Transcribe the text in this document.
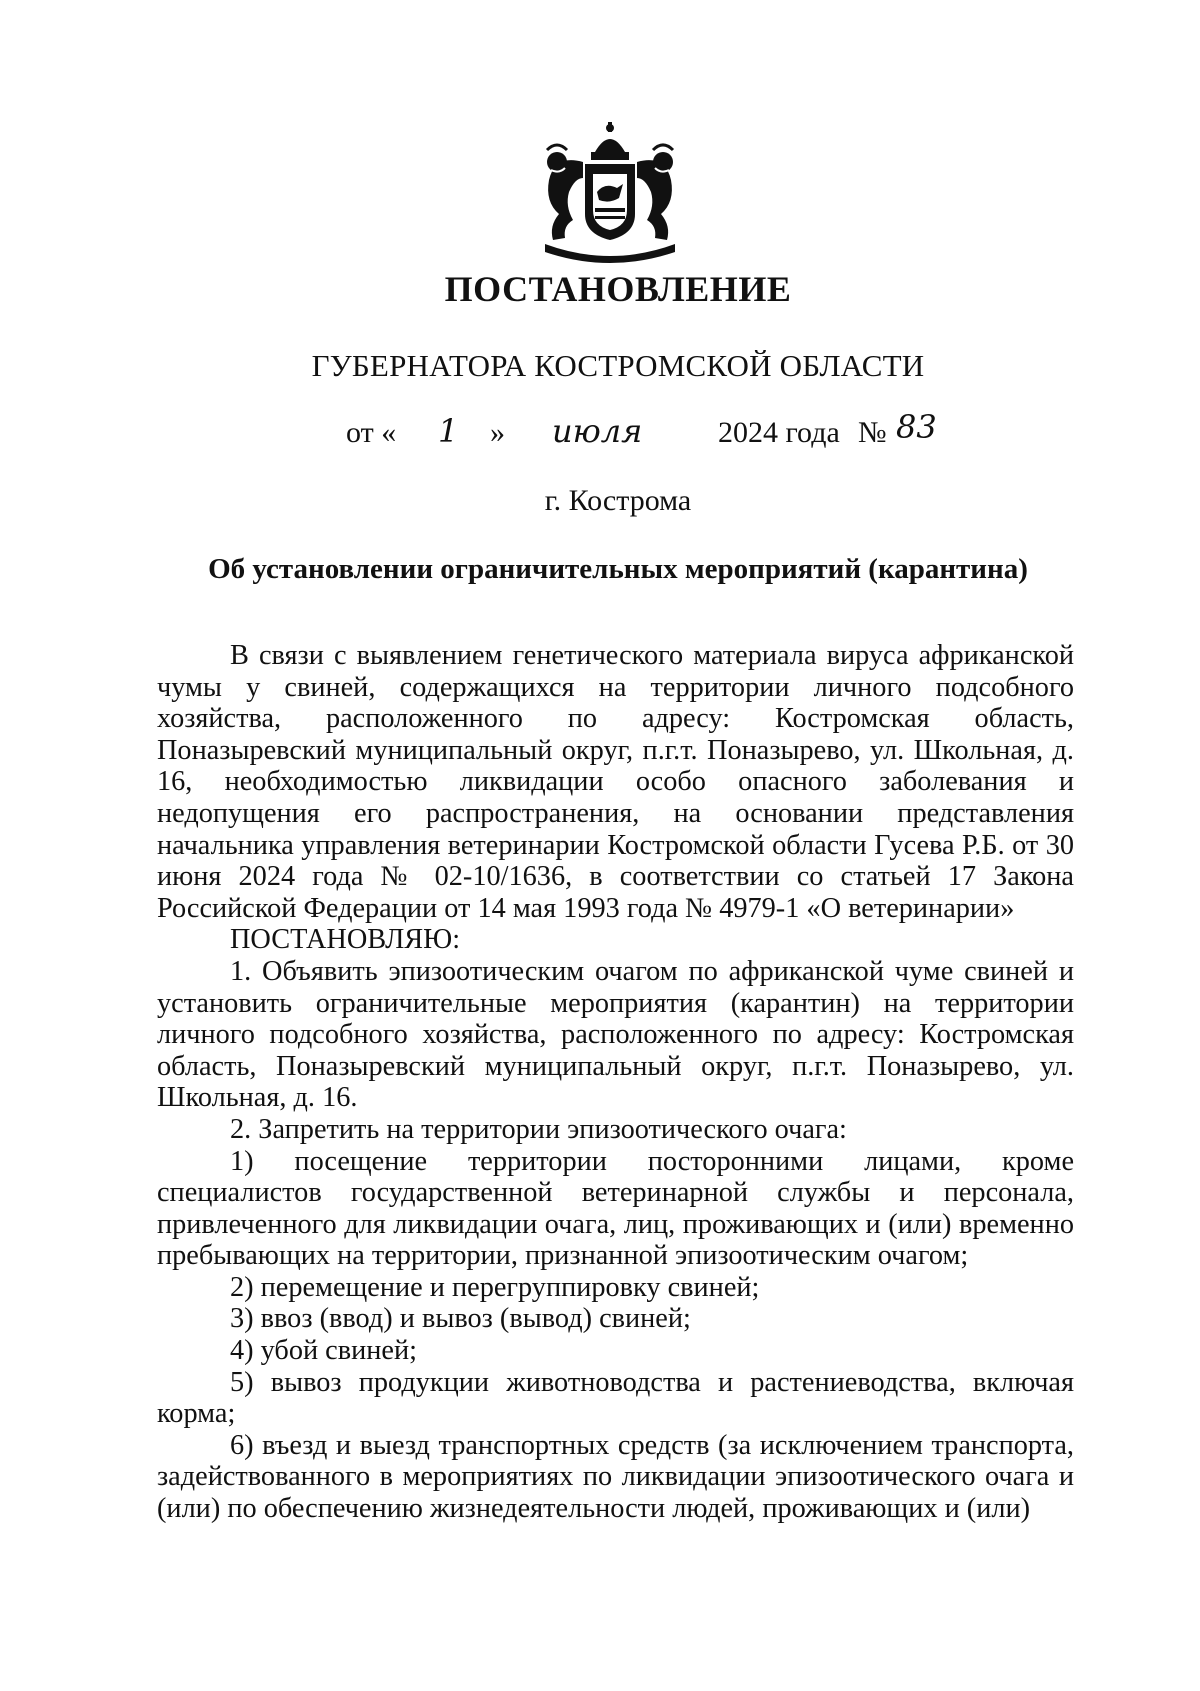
ПОСТАНОВЛЕНИЕ
ГУБЕРНАТОРА КОСТРОМСКОЙ ОБЛАСТИ
от « 1 » июля	2024 года № 83
г. Кострома
Об установлении ограничительных мероприятий (карантина)

В связи с выявлением генетического материала вируса африканской чумы у свиней, содержащихся на территории личного подсобного хозяйства, расположенного по адресу: Костромская область, Поназыревский муниципальный округ, п.г.т. Поназырево, ул. Школьная, д. 16, необходимостью ликвидации особо опасного заболевания и недопущения его распространения, на основании представления начальника управления ветеринарии Костромской области Гусева Р.Б. от 30 июня 2024 года № 02-10/1636, в соответствии со статьей 17 Закона Российской Федерации от 14 мая 1993 года № 4979-1 «О ветеринарии»

ПОСТАНОВЛЯЮ:

1. Объявить эпизоотическим очагом по африканской чуме свиней и установить ограничительные мероприятия (карантин) на территории личного подсобного хозяйства, расположенного по адресу: Костромская область, Поназыревский муниципальный округ, п.г.т. Поназырево, ул. Школьная, д. 16.

2. Запретить на территории эпизоотического очага:

1) посещение территории посторонними лицами, кроме специалистов государственной ветеринарной службы и персонала, привлеченного для ликвидации очага, лиц, проживающих и (или) временно пребывающих на территории, признанной эпизоотическим очагом;

2) перемещение и перегруппировку свиней;

3) ввоз (ввод) и вывоз (вывод) свиней;

4) убой свиней;

5) вывоз продукции животноводства и растениеводства, включая корма;

6) въезд и выезд транспортных средств (за исключением транспорта, задействованного в мероприятиях по ликвидации эпизоотического очага и (или) по обеспечению жизнедеятельности людей, проживающих и (или)
